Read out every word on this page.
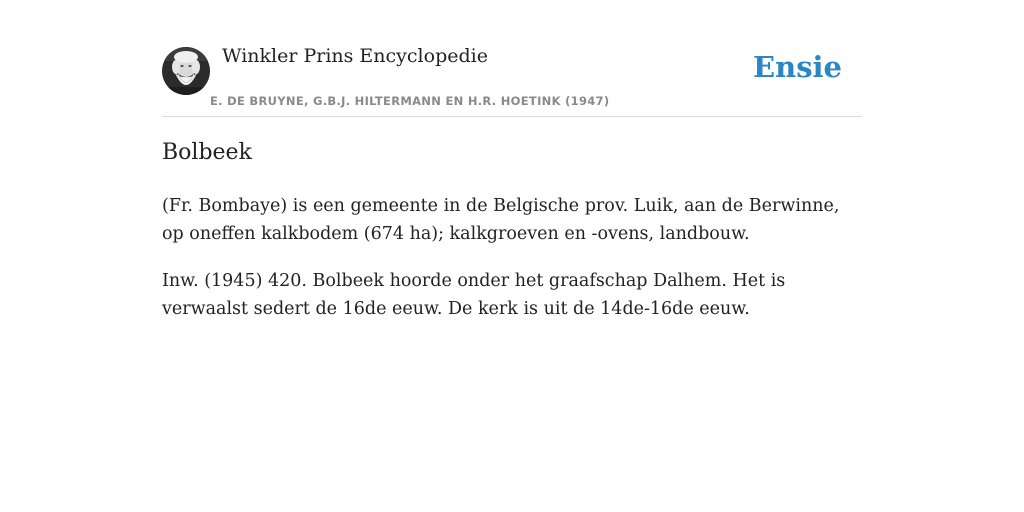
Winkler Prins Encyclopedie
E. DE BRUYNE, G.B.J. HILTERMANN EN H.R. HOETINK (1947)
Ensie
Bolbeek

(Fr. Bombaye) is een gemeente in de Belgische prov. Luik, aan de Berwinne, op oneffen kalkbodem (674 ha); kalkgroeven en -ovens, landbouw.

Inw. (1945) 420. Bolbeek hoorde onder het graafschap Dalhem. Het is verwaalst sedert de 16de eeuw. De kerk is uit de 14de-16de eeuw.
